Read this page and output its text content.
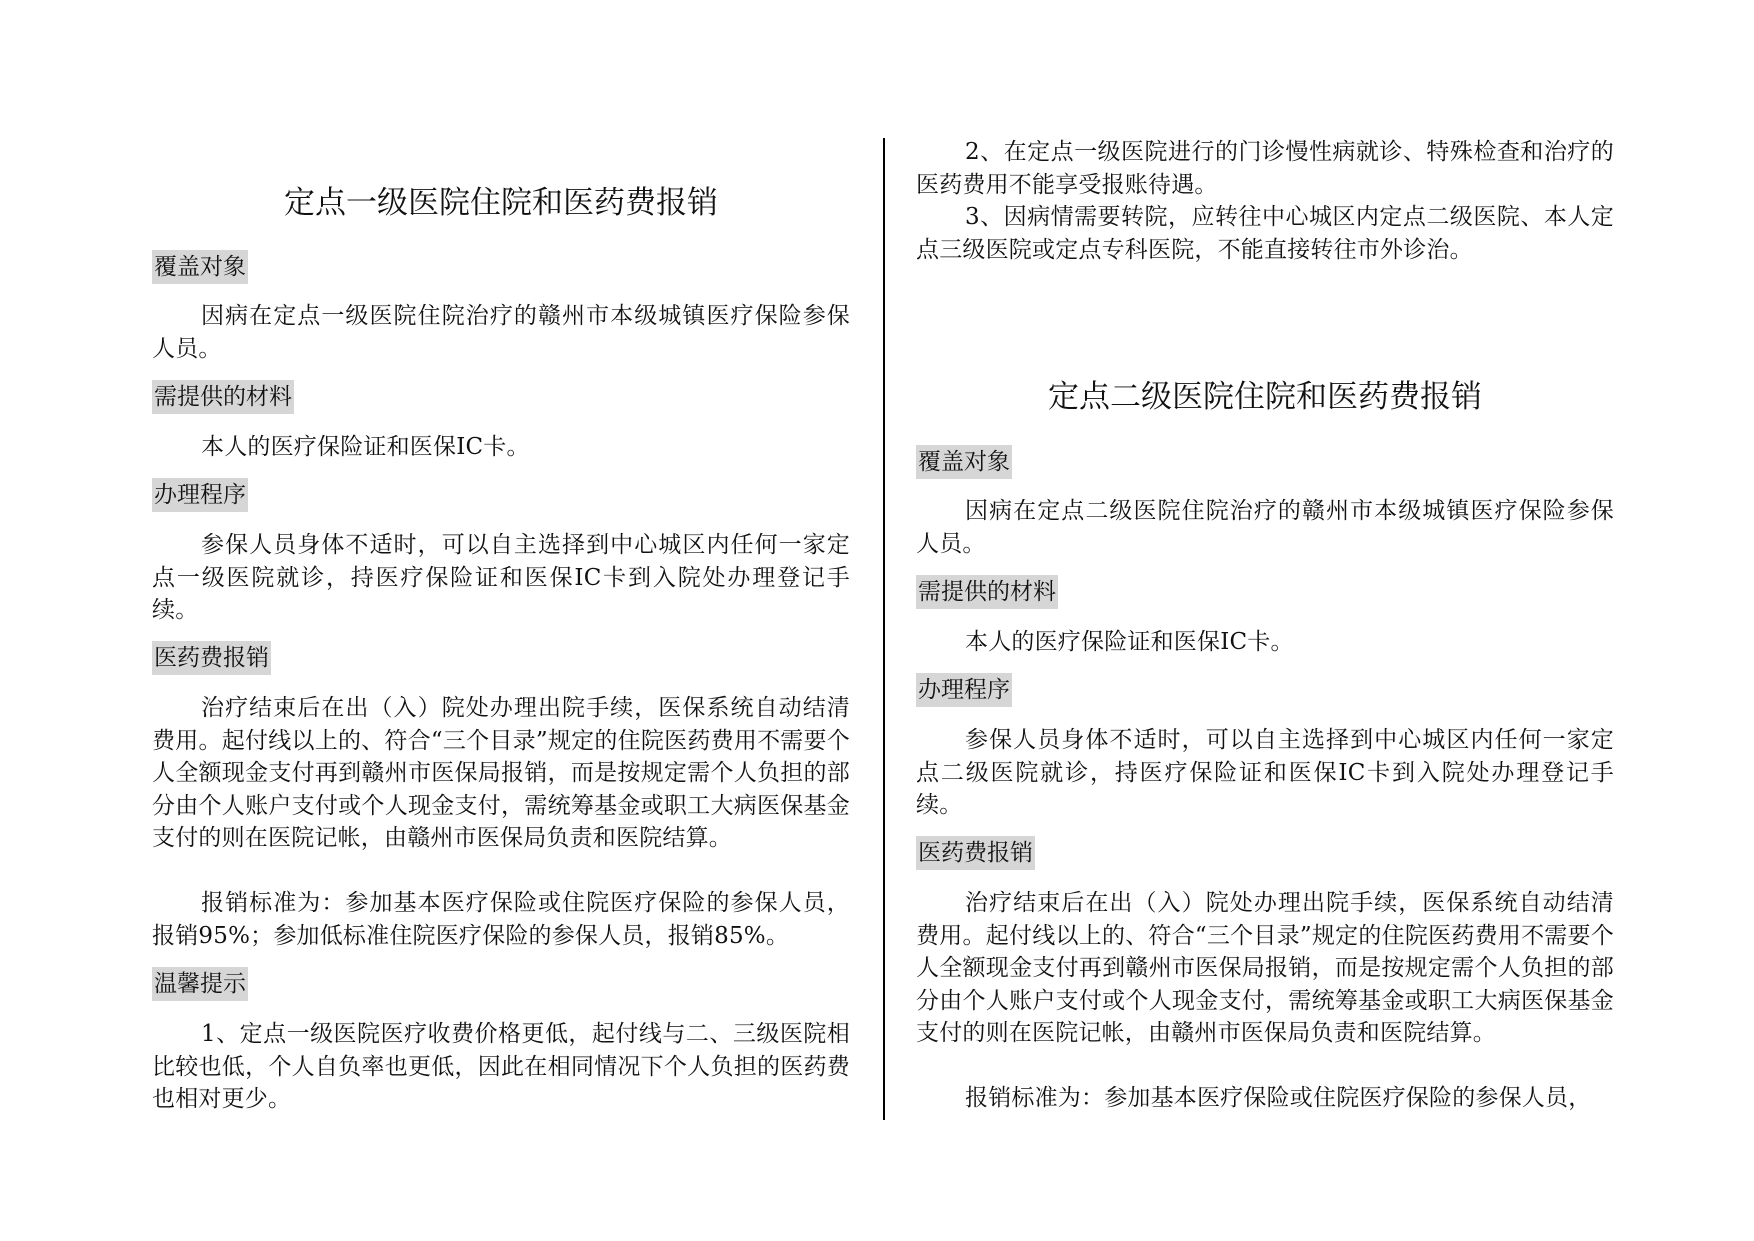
定点一级医院住院和医药费报销
覆盖对象

因病在定点一级医院住院治疗的赣州市本级城镇医疗保险参保人员。

需提供的材料

本人的医疗保险证和医保IC卡。

办理程序

参保人员身体不适时，可以自主选择到中心城区内任何一家定点一级医院就诊，持医疗保险证和医保IC卡到入院处办理登记手续。

医药费报销

治疗结束后在出（入）院处办理出院手续，医保系统自动结清费用。起付线以上的、符合“三个目录”规定的住院医药费用不需要个人全额现金支付再到赣州市医保局报销，而是按规定需个人负担的部分由个人账户支付或个人现金支付，需统筹基金或职工大病医保基金支付的则在医院记帐，由赣州市医保局负责和医院结算。

报销标准为：参加基本医疗保险或住院医疗保险的参保人员，报销95%；参加低标准住院医疗保险的参保人员，报销85%。

温馨提示

1、定点一级医院医疗收费价格更低，起付线与二、三级医院相比较也低，个人自负率也更低，因此在相同情况下个人负担的医药费也相对更少。

2、在定点一级医院进行的门诊慢性病就诊、特殊检查和治疗的医药费用不能享受报账待遇。

3、因病情需要转院，应转往中心城区内定点二级医院、本人定点三级医院或定点专科医院，不能直接转往市外诊治。

定点二级医院住院和医药费报销
覆盖对象

因病在定点二级医院住院治疗的赣州市本级城镇医疗保险参保人员。

需提供的材料

本人的医疗保险证和医保IC卡。

办理程序

参保人员身体不适时，可以自主选择到中心城区内任何一家定点二级医院就诊，持医疗保险证和医保IC卡到入院处办理登记手续。

医药费报销

治疗结束后在出（入）院处办理出院手续，医保系统自动结清费用。起付线以上的、符合“三个目录”规定的住院医药费用不需要个人全额现金支付再到赣州市医保局报销，而是按规定需个人负担的部分由个人账户支付或个人现金支付，需统筹基金或职工大病医保基金支付的则在医院记帐，由赣州市医保局负责和医院结算。

报销标准为：参加基本医疗保险或住院医疗保险的参保人员，
